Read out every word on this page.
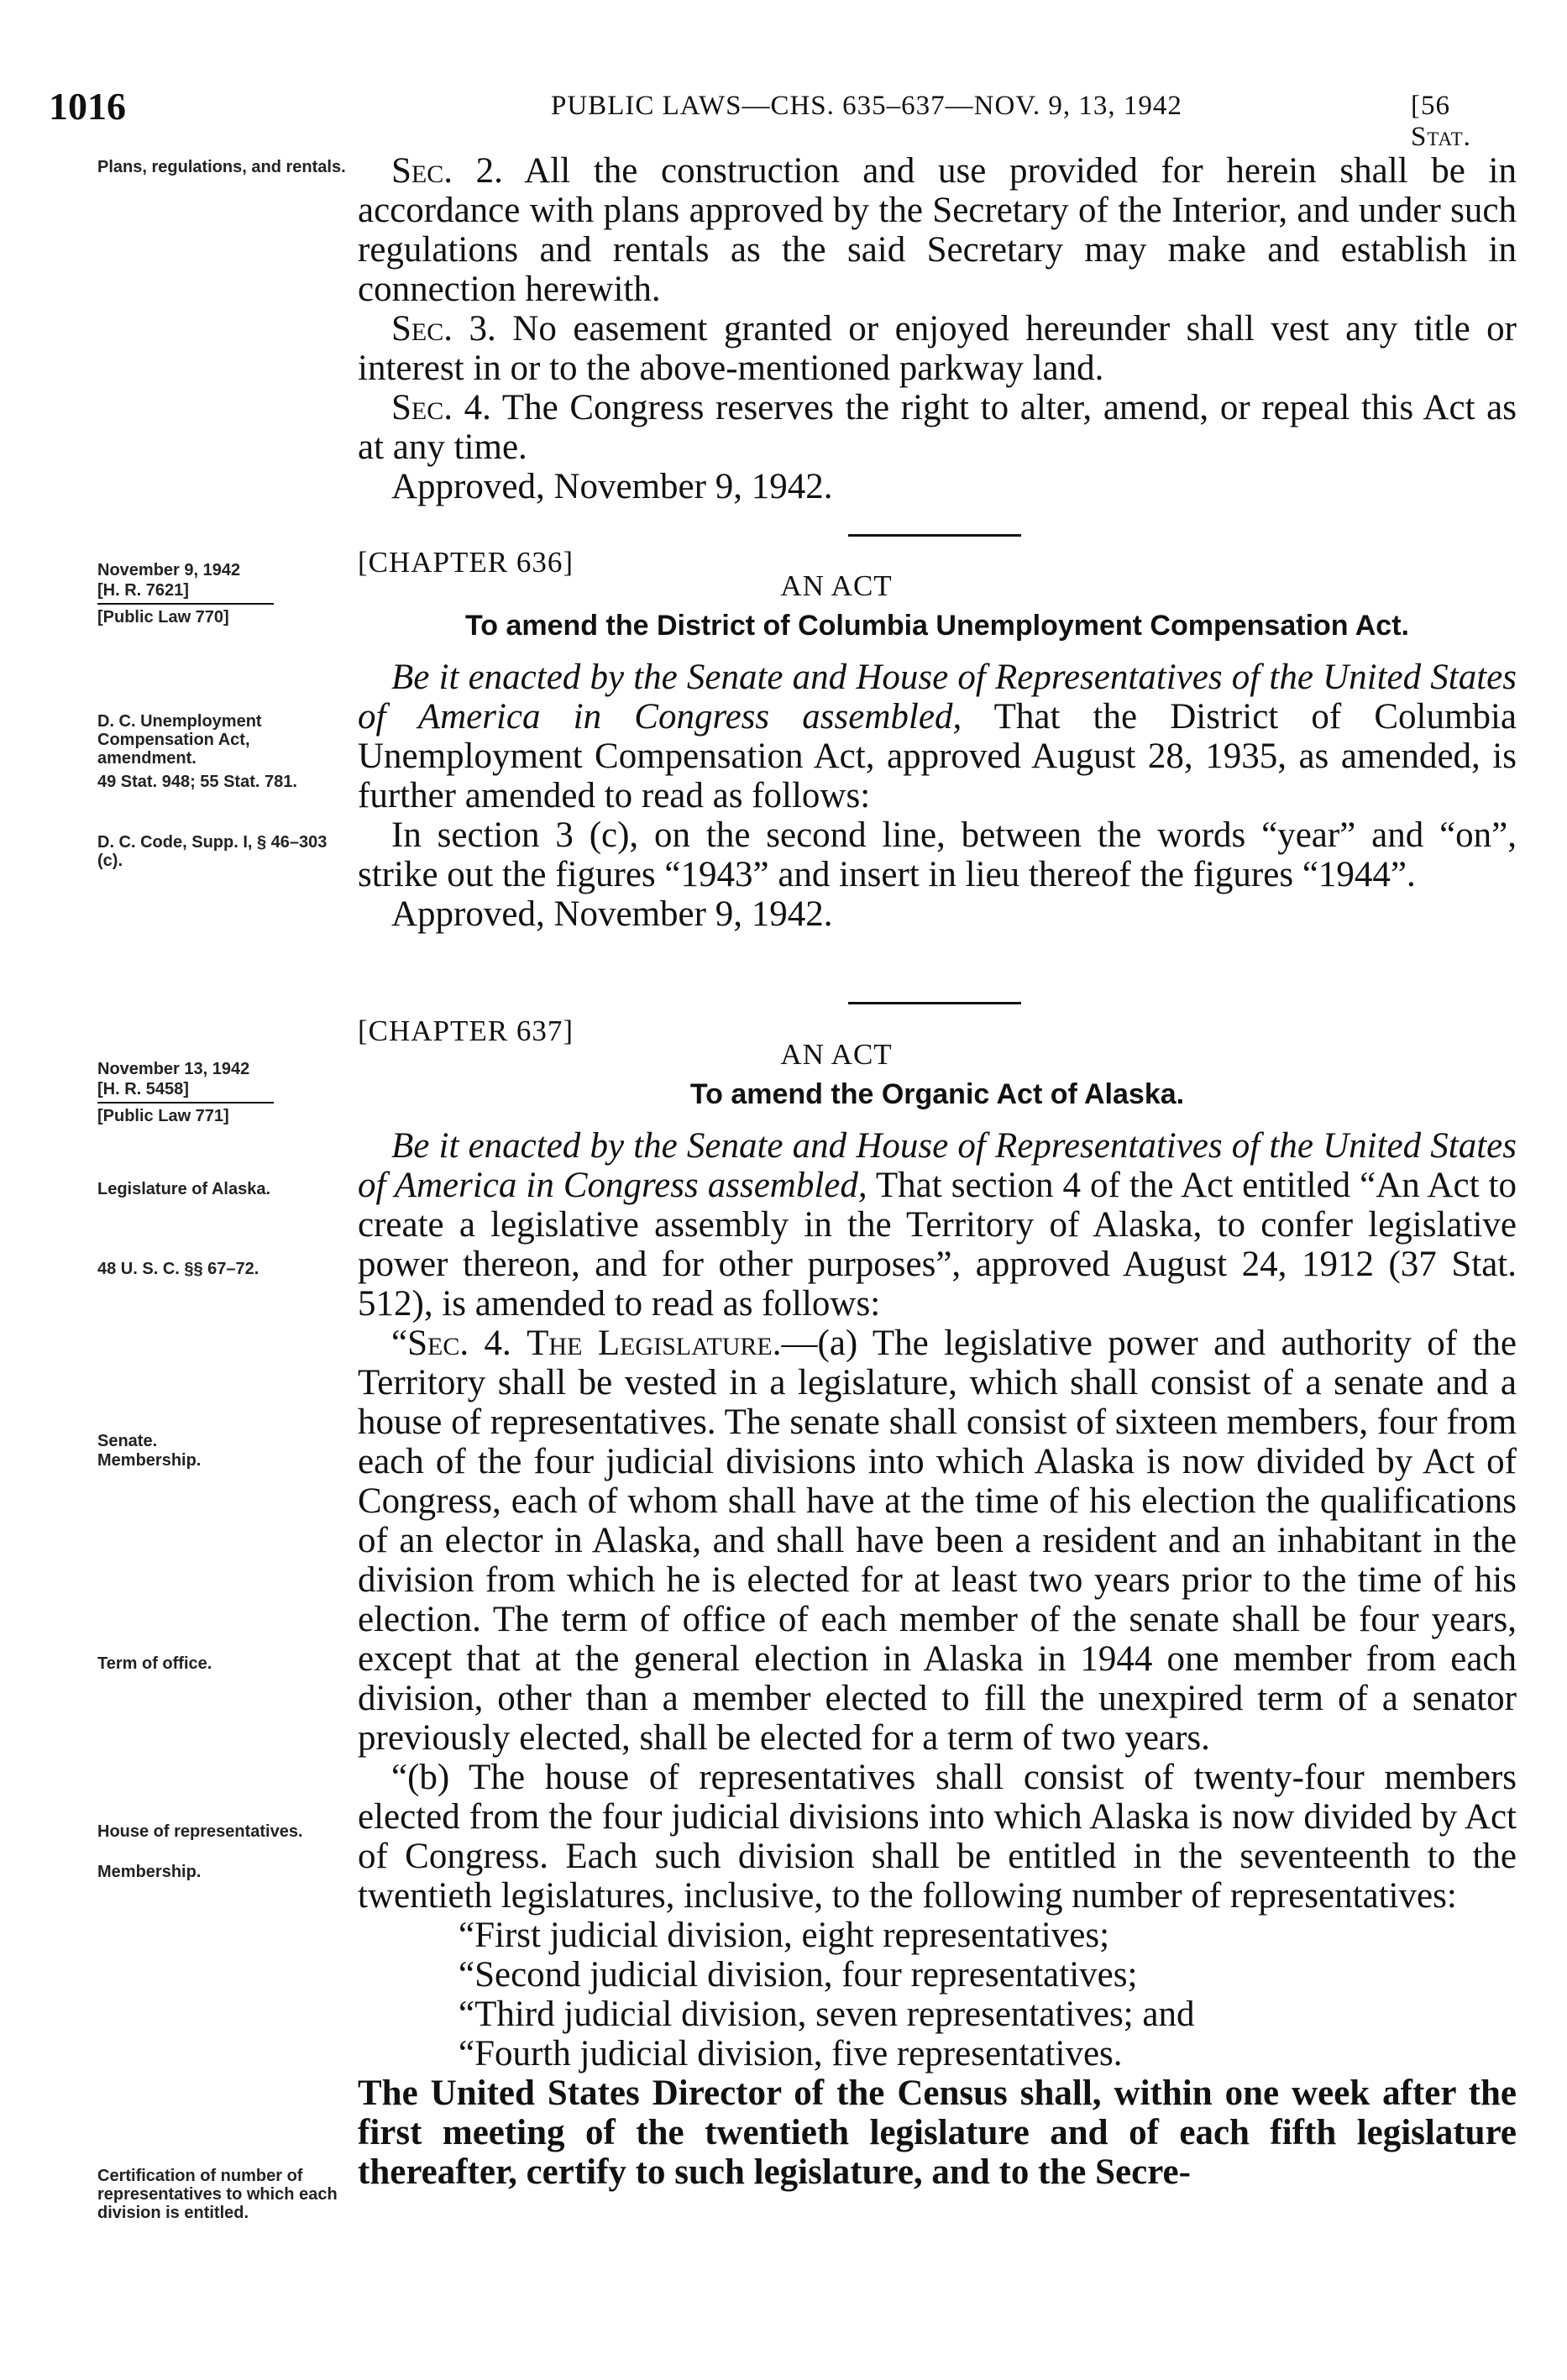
1016	PUBLIC LAWS—CHS. 635–637—NOV. 9, 13, 1942	[56 Stat.
Plans, regulations, and rentals.
November 9, 1942
[H. R. 7621]
[Public Law 770]
D. C. Unemployment Compensation Act, amendment.
49 Stat. 948; 55 Stat. 781.
D. C. Code, Supp. I, § 46–303 (c).
November 13, 1942
[H. R. 5458]
[Public Law 771]
Legislature of Alaska.
48 U. S. C. §§ 67–72.
Senate.
Membership.
Term of office.
House of representatives.
Membership.
Certification of number of representatives to which each division is entitled.

Sec. 2. All the construction and use provided for herein shall be in accordance with plans approved by the Secretary of the Interior, and under such regulations and rentals as the said Secretary may make and establish in connection herewith.

Sec. 3. No easement granted or enjoyed hereunder shall vest any title or interest in or to the above-mentioned parkway land.

Sec. 4. The Congress reserves the right to alter, amend, or repeal this Act as at any time.

Approved, November 9, 1942.

[CHAPTER 636]
AN ACT
To amend the District of Columbia Unemployment Compensation Act.

Be it enacted by the Senate and House of Representatives of the United States of America in Congress assembled, That the District of Columbia Unemployment Compensation Act, approved August 28, 1935, as amended, is further amended to read as follows:

In section 3 (c), on the second line, between the words “year” and “on”, strike out the figures “1943” and insert in lieu thereof the figures “1944”.

Approved, November 9, 1942.

[CHAPTER 637]
AN ACT
To amend the Organic Act of Alaska.

Be it enacted by the Senate and House of Representatives of the United States of America in Congress assembled, That section 4 of the Act entitled “An Act to create a legislative assembly in the Territory of Alaska, to confer legislative power thereon, and for other purposes”, approved August 24, 1912 (37 Stat. 512), is amended to read as follows:

“Sec. 4. The Legislature.—(a) The legislative power and authority of the Territory shall be vested in a legislature, which shall consist of a senate and a house of representatives. The senate shall consist of sixteen members, four from each of the four judicial divisions into which Alaska is now divided by Act of Congress, each of whom shall have at the time of his election the qualifications of an elector in Alaska, and shall have been a resident and an inhabitant in the division from which he is elected for at least two years prior to the time of his election. The term of office of each member of the senate shall be four years, except that at the general election in Alaska in 1944 one member from each division, other than a member elected to fill the unexpired term of a senator previously elected, shall be elected for a term of two years.

“(b) The house of representatives shall consist of twenty-four members elected from the four judicial divisions into which Alaska is now divided by Act of Congress. Each such division shall be entitled in the seventeenth to the twentieth legislatures, inclusive, to the following number of representatives:

“First judicial division, eight representatives;

“Second judicial division, four representatives;

“Third judicial division, seven representatives; and

“Fourth judicial division, five representatives.

The United States Director of the Census shall, within one week after the first meeting of the twentieth legislature and of each fifth legislature thereafter, certify to such legislature, and to the Secre-
